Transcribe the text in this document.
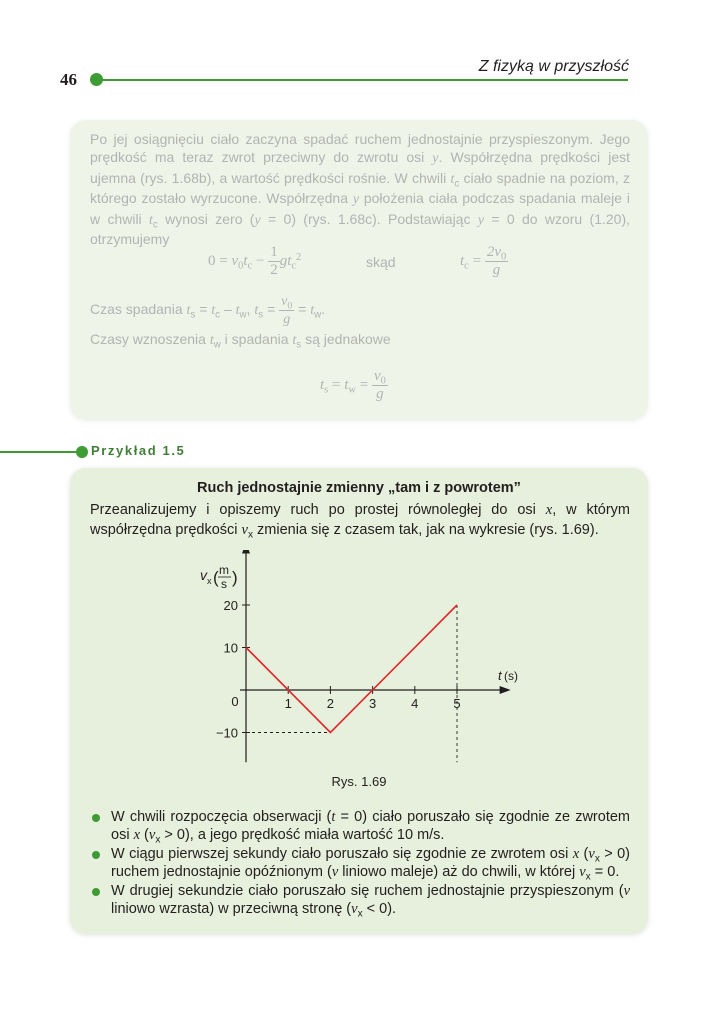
46
Z fizyką w przyszłość

Po jej osiągnięciu ciało zaczyna spadać ruchem jednostajnie przyspieszonym. Jego prędkość ma teraz zwrot przeciwny do zwrotu osi y. Współrzędna prędkości jest ujemna (rys. 1.68b), a wartość prędkości rośnie. W chwili $t_c$ ciało spadnie na poziom, z którego zostało wyrzucone. Współrzędna y położenia ciała podczas spadania maleje i w chwili $t_c$ wynosi zero (y = 0) (rys. 1.68c). Podstawiając y = 0 do wzoru (1.20), otrzymujemy

$0 = v_0t_c - \frac{1}{2} gt_c^2$	skąd	$t_c = \frac{2v_0}{g}$
Czas spadania $t_s = t_c - t_w$, $t_s = \frac{v_0}{g} = t_w$.
Czasy wznoszenia $t_w$ i spadania $t_s$ są jednakowe
$t_s = t_w = \frac{v_0}{g}$
Przykład 1.5
Ruch jednostajnie zmienny „tam i z powrotem”

Przeanalizujemy i opiszemy ruch po prostej równoległej do osi x, w którym współrzędna prędkości $v_x$ zmienia się z czasem tak, jak na wykresie (rys. 1.69).

v x ( m
s )
t (s)
0	1	2	3	4	5
20
10
−10
Rys. 1.69
W chwili rozpoczęcia obserwacji (t = 0) ciało poruszało się zgodnie ze zwrotem osi x $(v_x > 0)$, a jego prędkość miała wartość 10 m/s.
W ciągu pierwszej sekundy ciało poruszało się zgodnie ze zwrotem osi x $(v_x > 0)$ ruchem jednostajnie opóźnionym (v liniowo maleje) aż do chwili, w której $v_x = 0$.
W drugiej sekundzie ciało poruszało się ruchem jednostajnie przyspieszonym (v liniowo wzrasta) w przeciwną stronę $(v_x < 0)$.
